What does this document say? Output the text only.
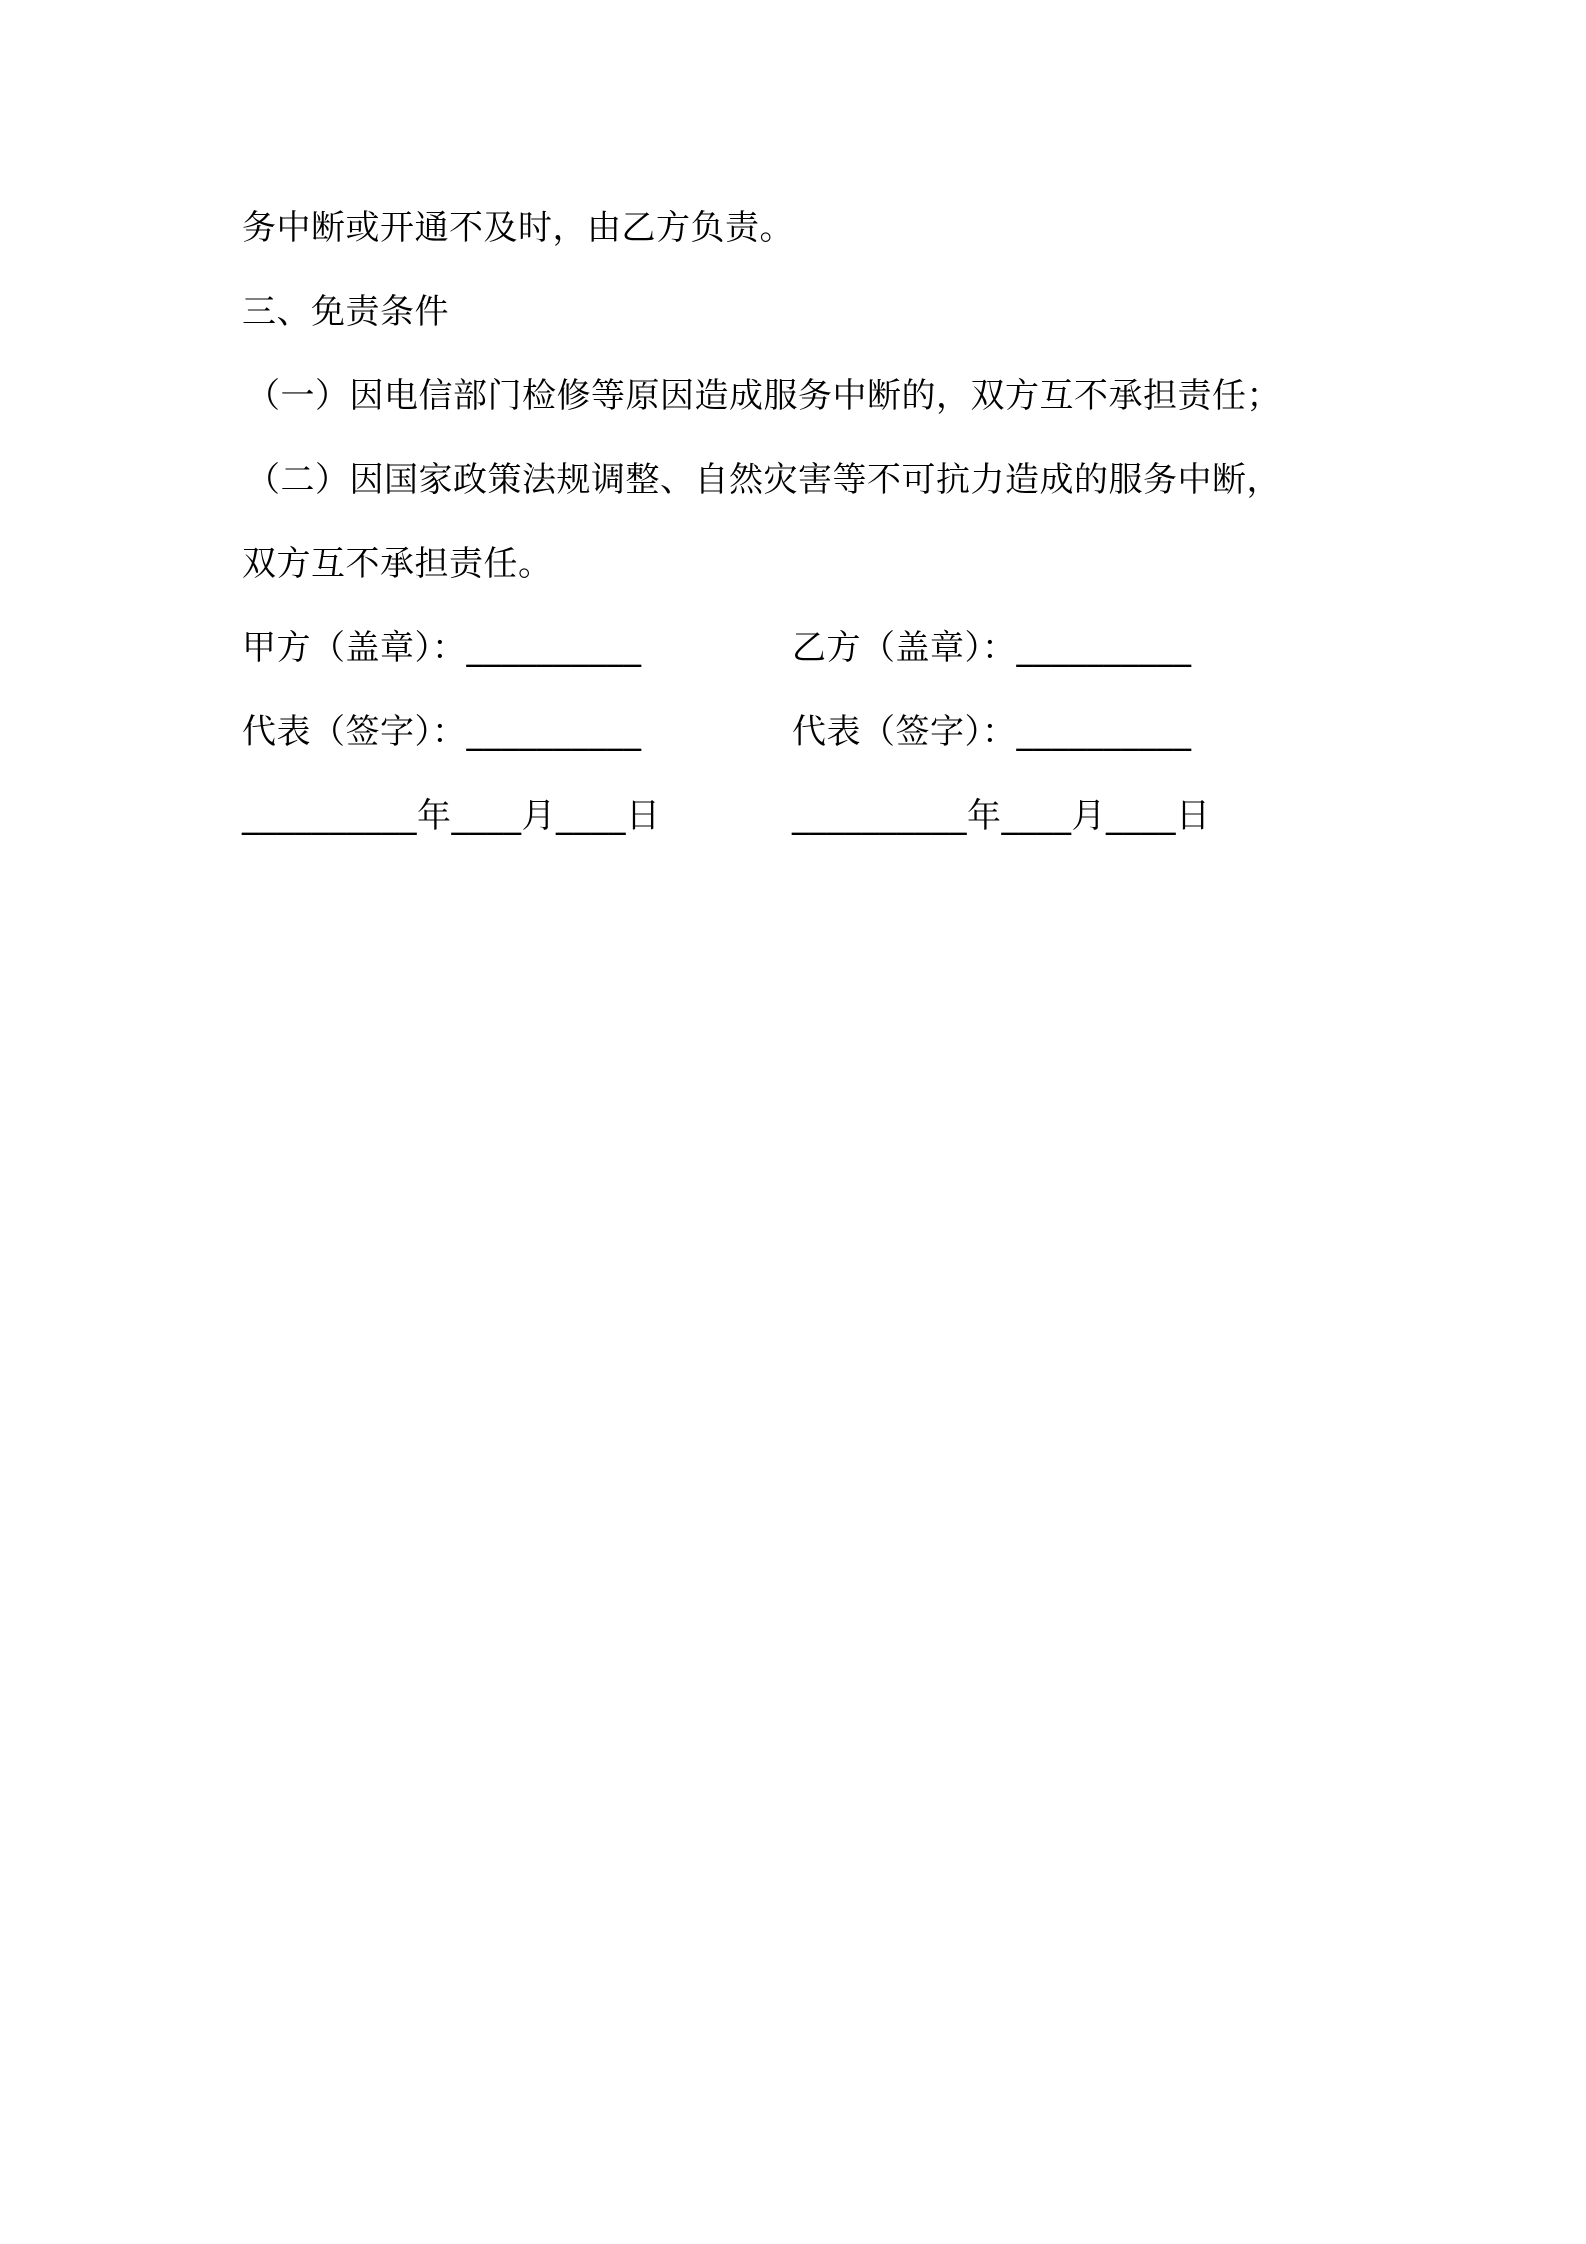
务中断或开通不及时，由乙方负责。
三、免责条件
（一）因电信部门检修等原因造成服务中断的，双方互不承担责任；
（二）因国家政策法规调整、自然灾害等不可抗力造成的服务中断，
双方互不承担责任。
甲方（盖章）：__________	乙方（盖章）：__________
代表（签字）：__________	代表（签字）：__________
__________年____月____日	__________年____月____日
